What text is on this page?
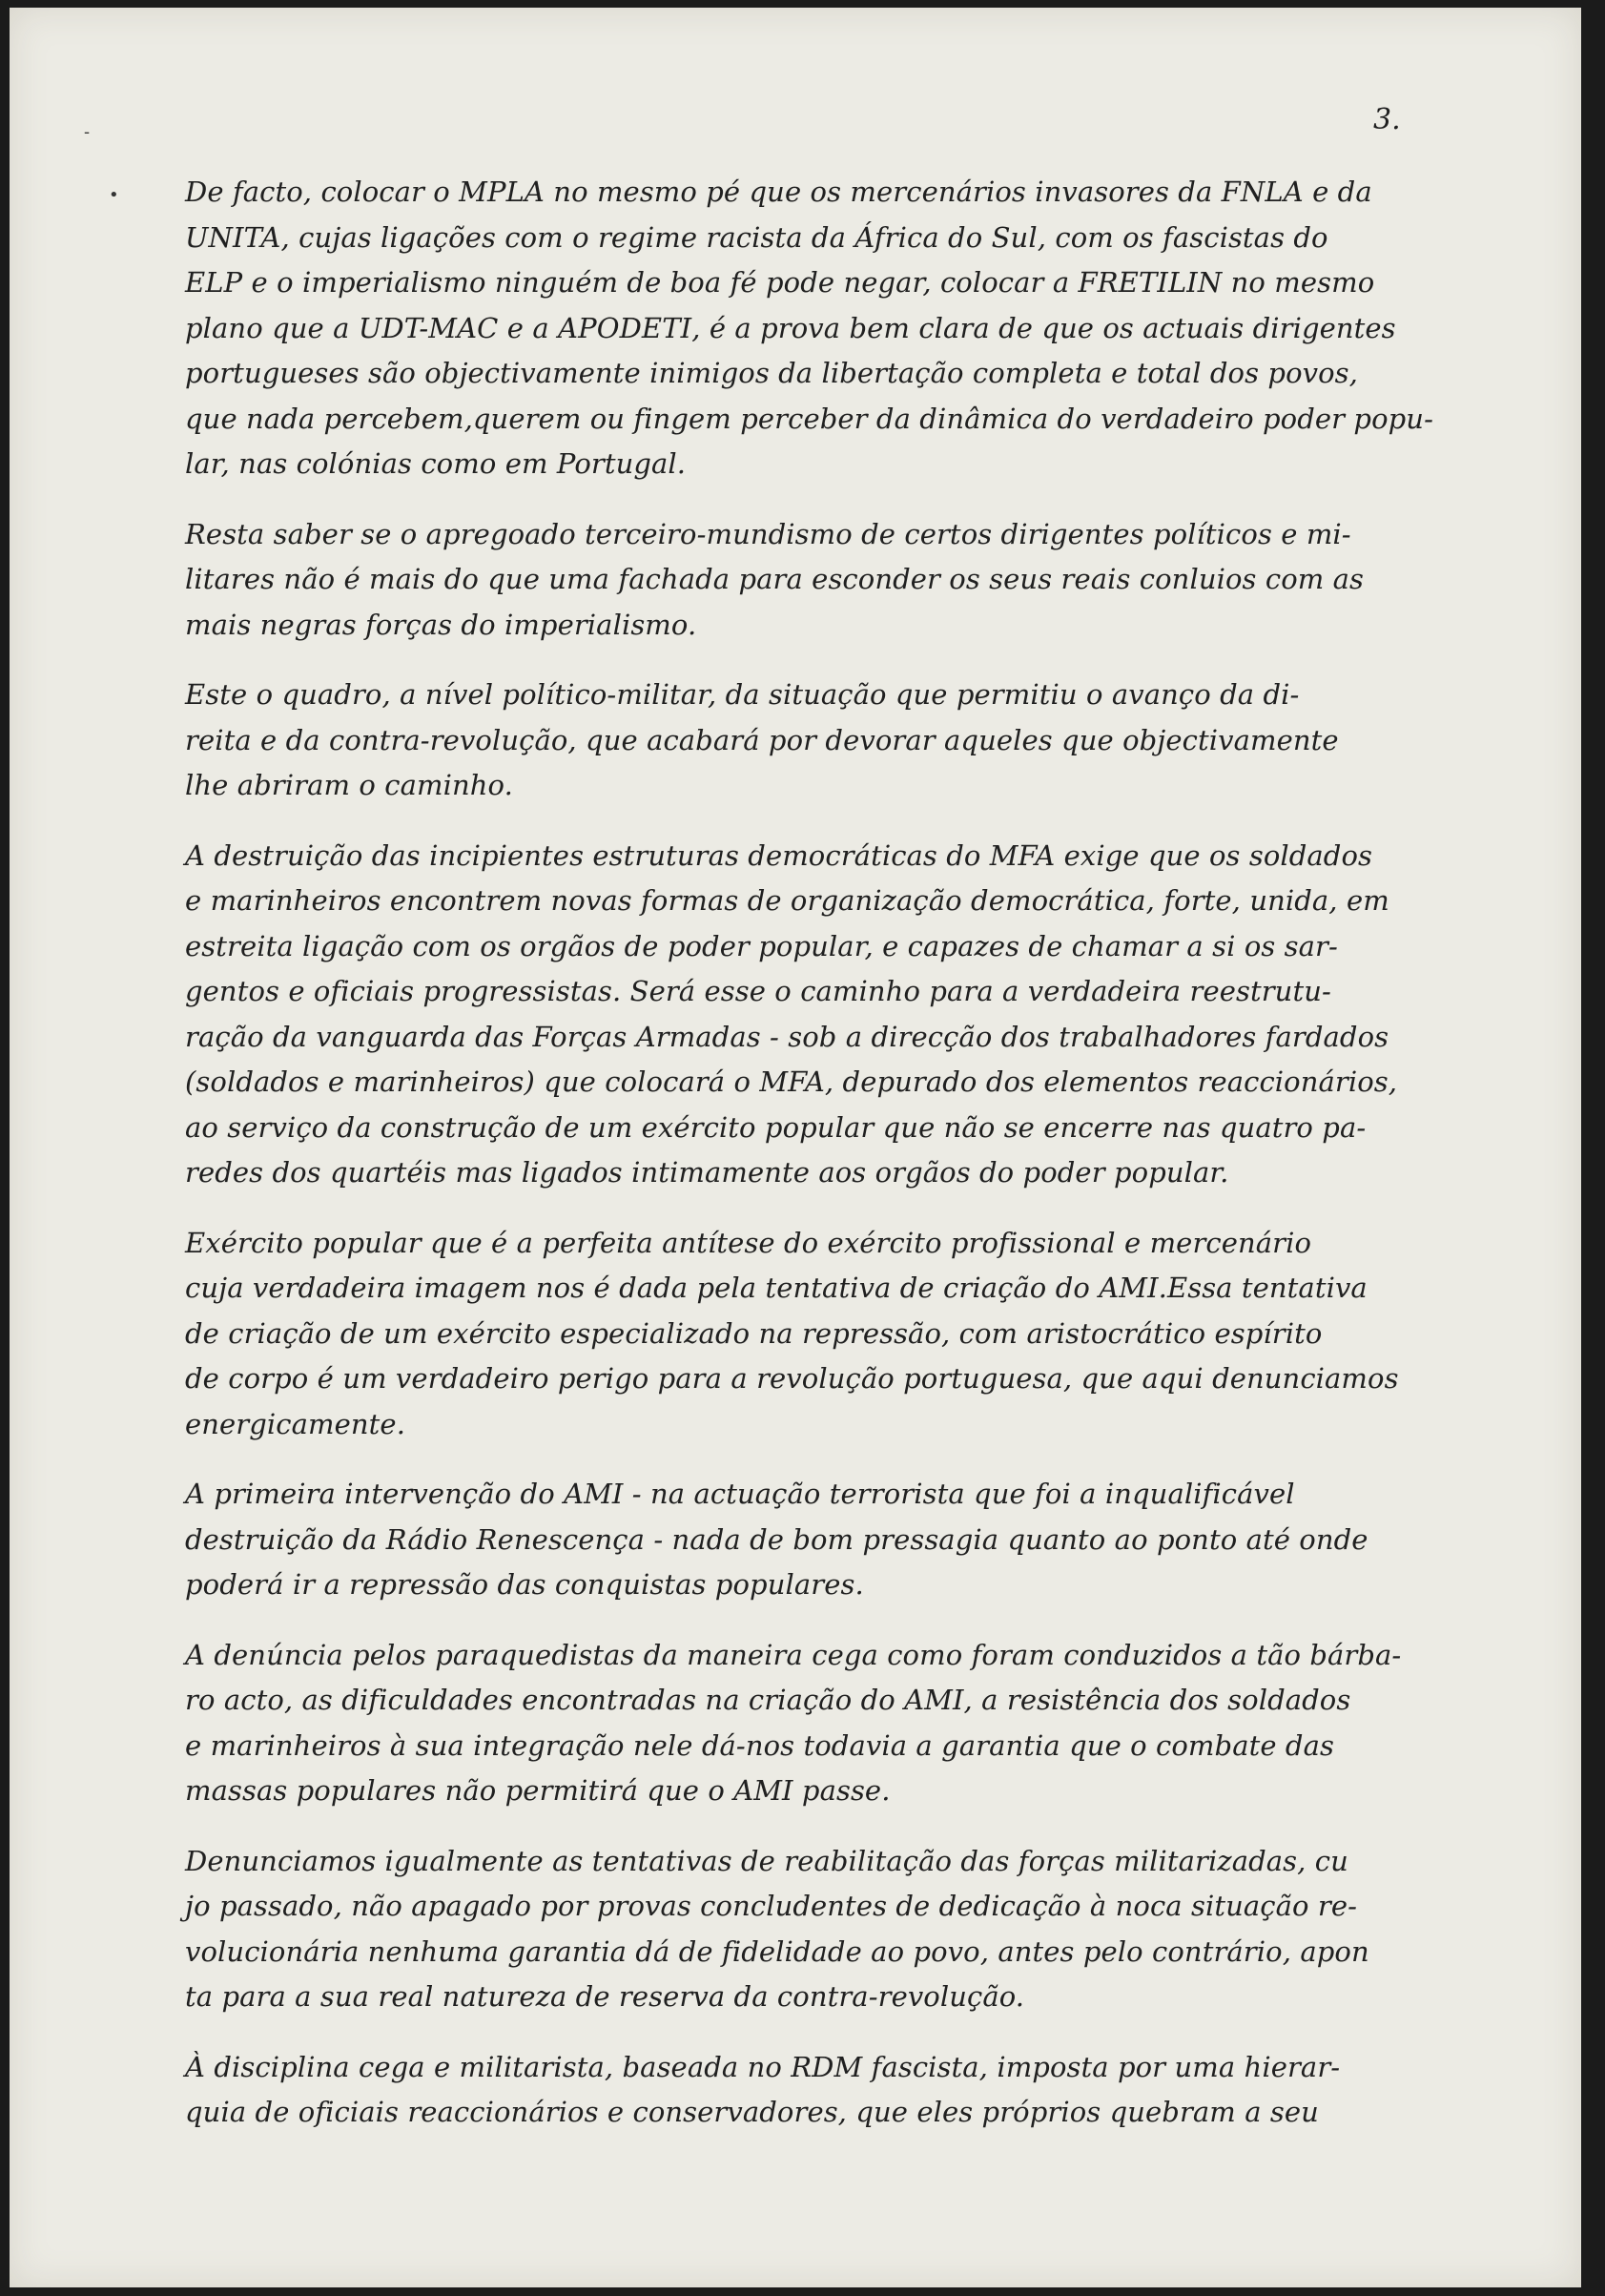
-
•

3.

De facto, colocar o MPLA no mesmo pé que os mercenários invasores da FNLA e da
UNITA, cujas ligações com o regime racista da África do Sul, com os fascistas do
ELP e o imperialismo ninguém de boa fé pode negar, colocar a FRETILIN no mesmo
plano que a UDT-MAC e a APODETI, é a prova bem clara de que os actuais dirigentes
portugueses são objectivamente inimigos da libertação completa e total dos povos,
que nada percebem,querem ou fingem perceber da dinâmica do verdadeiro poder popu-
lar, nas colónias como em Portugal.
Resta saber se o apregoado terceiro-mundismo de certos dirigentes políticos e mi-
litares não é mais do que uma fachada para esconder os seus reais conluios com as
mais negras forças do imperialismo.
Este o quadro, a nível político-militar, da situação que permitiu o avanço da di-
reita e da contra-revolução, que acabará por devorar aqueles que objectivamente
lhe abriram o caminho.
A destruição das incipientes estruturas democráticas do MFA exige que os soldados
e marinheiros encontrem novas formas de organização democrática, forte, unida, em
estreita ligação com os orgãos de poder popular, e capazes de chamar a si os sar-
gentos e oficiais progressistas. Será esse o caminho para a verdadeira reestrutu-
ração da vanguarda das Forças Armadas - sob a direcção dos trabalhadores fardados
(soldados e marinheiros) que colocará o MFA, depurado dos elementos reaccionários,
ao serviço da construção de um exército popular que não se encerre nas quatro pa-
redes dos quartéis mas ligados intimamente aos orgãos do poder popular.
Exército popular que é a perfeita antítese do exército profissional e mercenário
cuja verdadeira imagem nos é dada pela tentativa de criação do AMI.Essa tentativa
de criação de um exército especializado na repressão, com aristocrático espírito
de corpo é um verdadeiro perigo para a revolução portuguesa, que aqui denunciamos
energicamente.
A primeira intervenção do AMI - na actuação terrorista que foi a inqualificável
destruição da Rádio Renescença - nada de bom pressagia quanto ao ponto até onde
poderá ir a repressão das conquistas populares.
A denúncia pelos paraquedistas da maneira cega como foram conduzidos a tão bárba-
ro acto, as dificuldades encontradas na criação do AMI, a resistência dos soldados
e marinheiros à sua integração nele dá-nos todavia a garantia que o combate das
massas populares não permitirá que o AMI passe.
Denunciamos igualmente as tentativas de reabilitação das forças militarizadas, cu
jo passado, não apagado por provas concludentes de dedicação à noca situação re-
volucionária nenhuma garantia dá de fidelidade ao povo, antes pelo contrário, apon
ta para a sua real natureza de reserva da contra-revolução.
À disciplina cega e militarista, baseada no RDM fascista, imposta por uma hierar-
quia de oficiais reaccionários e conservadores, que eles próprios quebram a seu
